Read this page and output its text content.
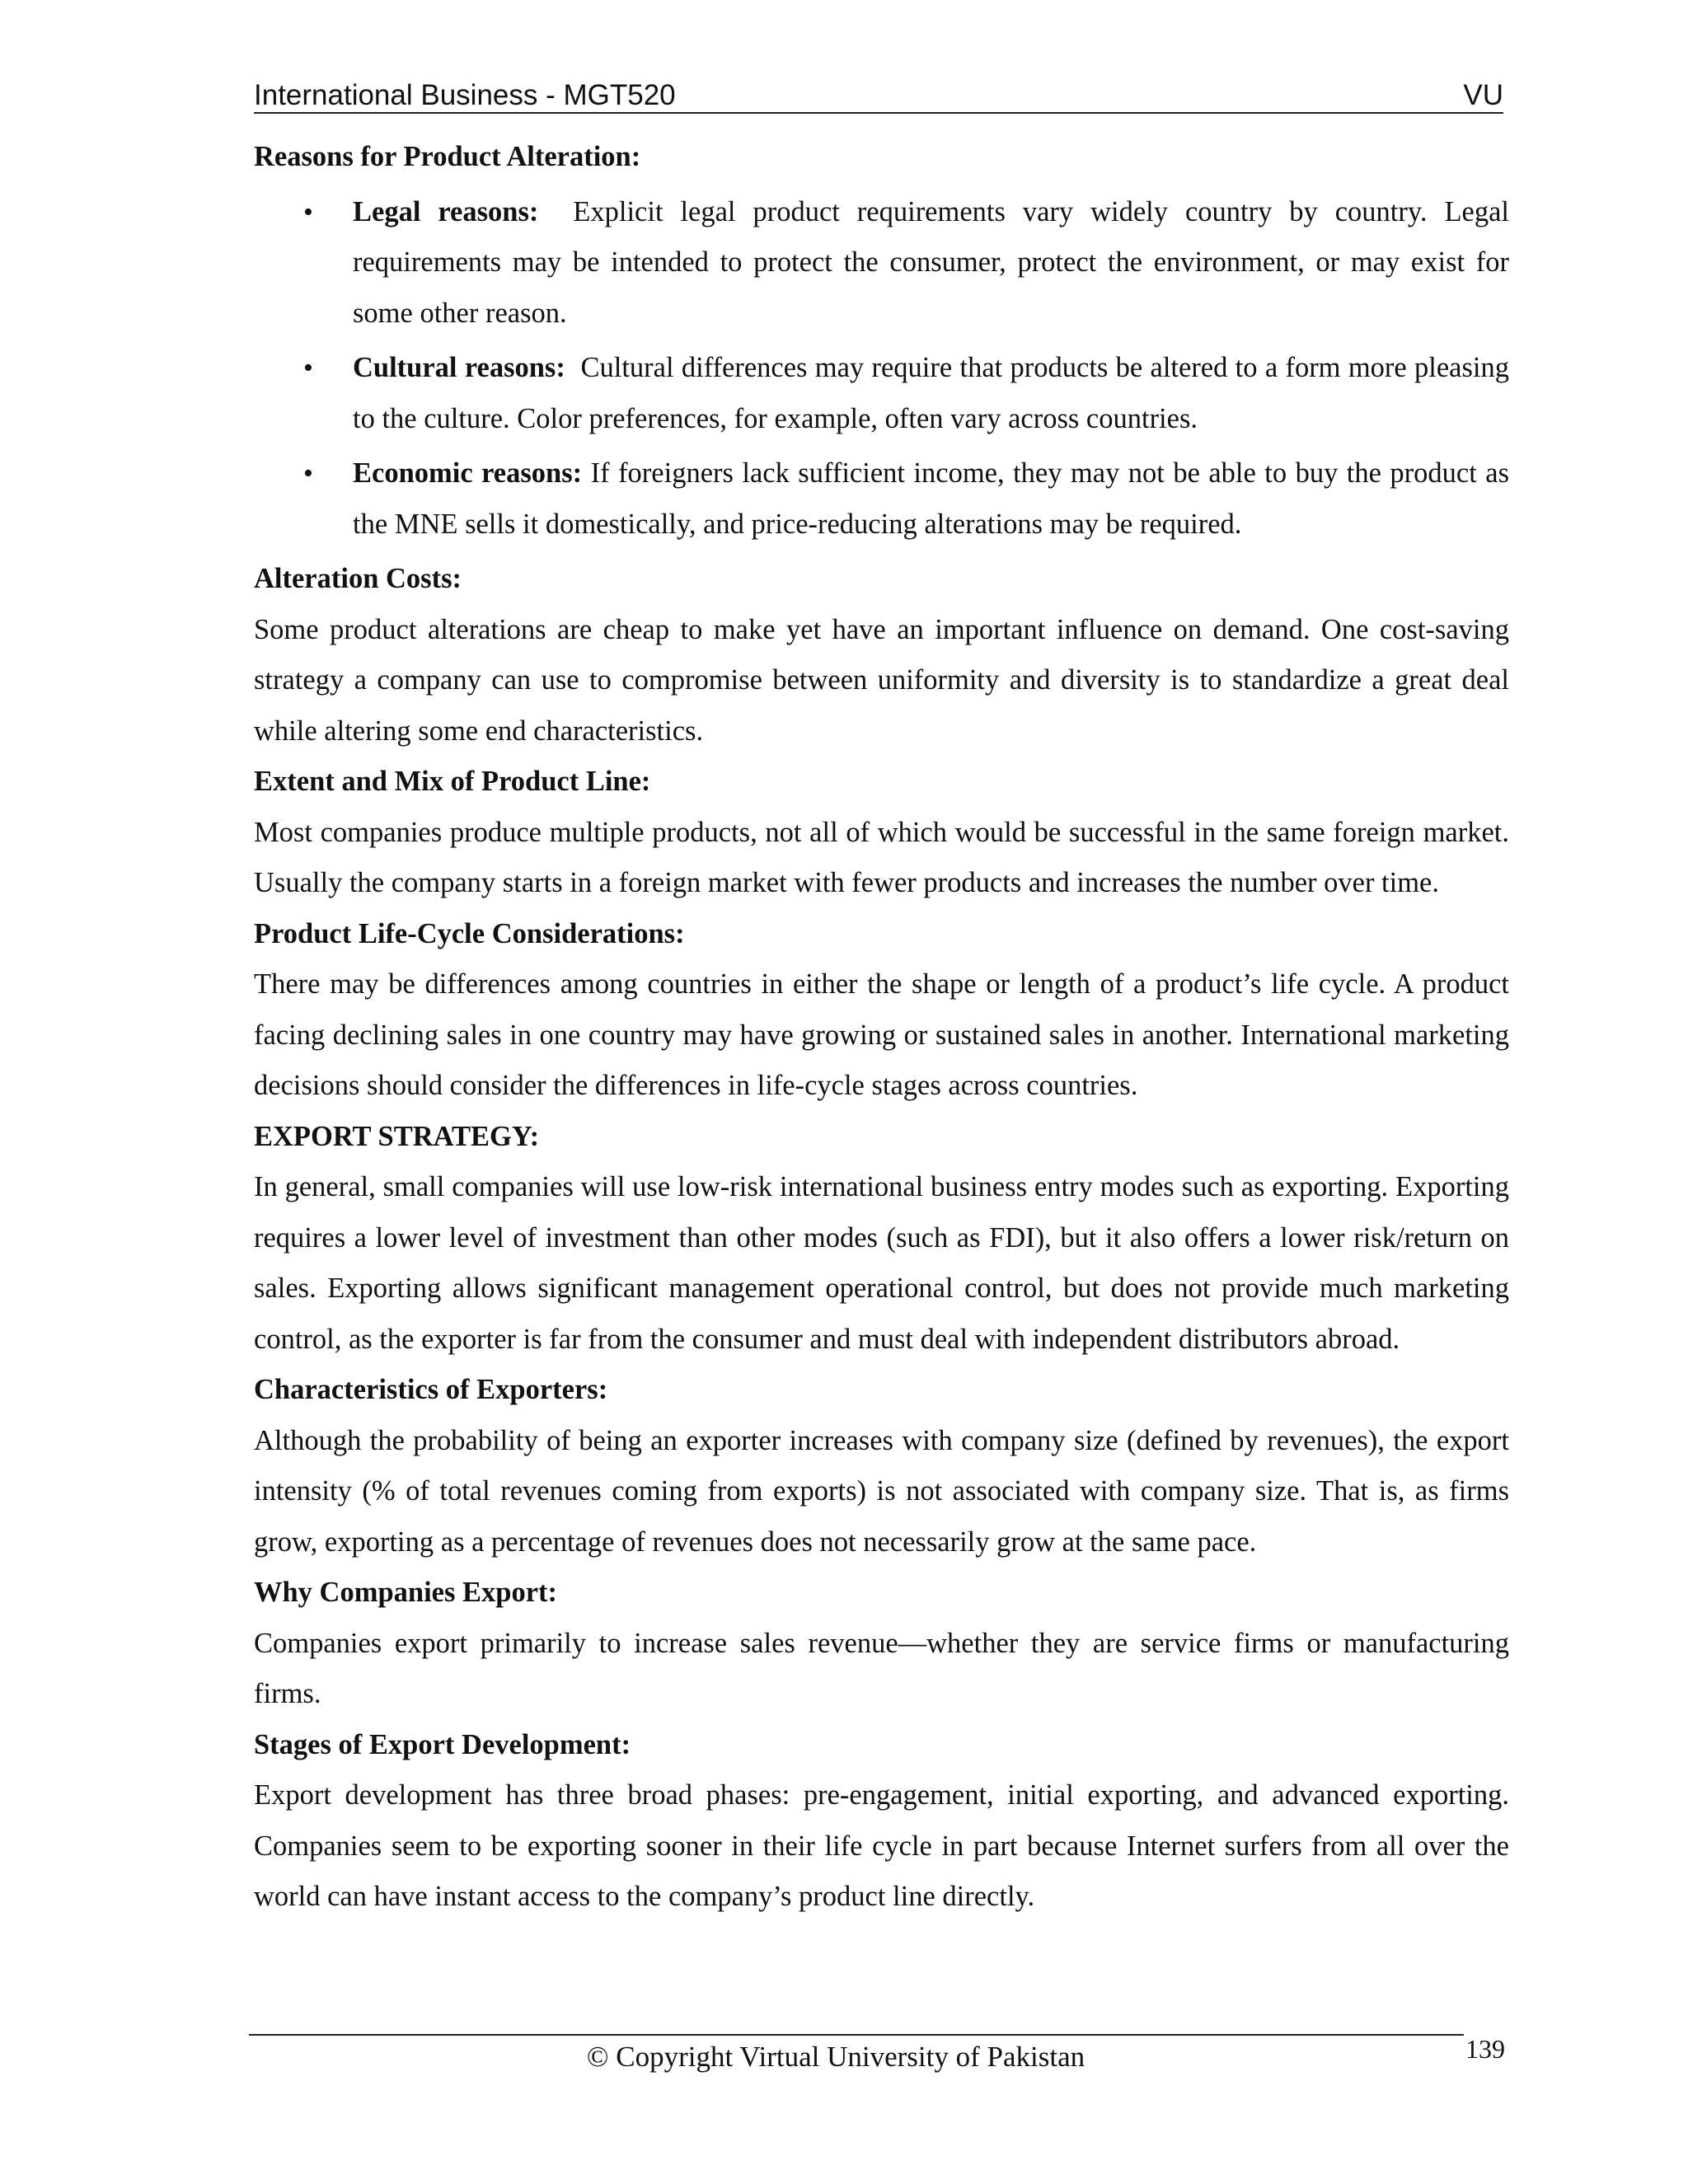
International Business - MGT520	VU

Reasons for Product Alteration:

• Legal reasons: Explicit legal product requirements vary widely country by country. Legal requirements may be intended to protect the consumer, protect the environment, or may exist for some other reason.
• Cultural reasons: Cultural differences may require that products be altered to a form more pleasing to the culture. Color preferences, for example, often vary across countries.
• Economic reasons: If foreigners lack sufficient income, they may not be able to buy the product as the MNE sells it domestically, and price-reducing alterations may be required.

Alteration Costs:

Some product alterations are cheap to make yet have an important influence on demand. One cost-saving strategy a company can use to compromise between uniformity and diversity is to standardize a great deal while altering some end characteristics.

Extent and Mix of Product Line:

Most companies produce multiple products, not all of which would be successful in the same foreign market. Usually the company starts in a foreign market with fewer products and increases the number over time.

Product Life-Cycle Considerations:

There may be differences among countries in either the shape or length of a product’s life cycle. A product facing declining sales in one country may have growing or sustained sales in another. International marketing decisions should consider the differences in life-cycle stages across countries.

EXPORT STRATEGY:

In general, small companies will use low-risk international business entry modes such as exporting. Exporting requires a lower level of investment than other modes (such as FDI), but it also offers a lower risk/return on sales. Exporting allows significant management operational control, but does not provide much marketing control, as the exporter is far from the consumer and must deal with independent distributors abroad.

Characteristics of Exporters:

Although the probability of being an exporter increases with company size (defined by revenues), the export intensity (% of total revenues coming from exports) is not associated with company size. That is, as firms grow, exporting as a percentage of revenues does not necessarily grow at the same pace.

Why Companies Export:

Companies export primarily to increase sales revenue—whether they are service firms or manufacturing firms.

Stages of Export Development:

Export development has three broad phases: pre-engagement, initial exporting, and advanced exporting. Companies seem to be exporting sooner in their life cycle in part because Internet surfers from all over the world can have instant access to the company’s product line directly.

© Copyright Virtual University of Pakistan	139
